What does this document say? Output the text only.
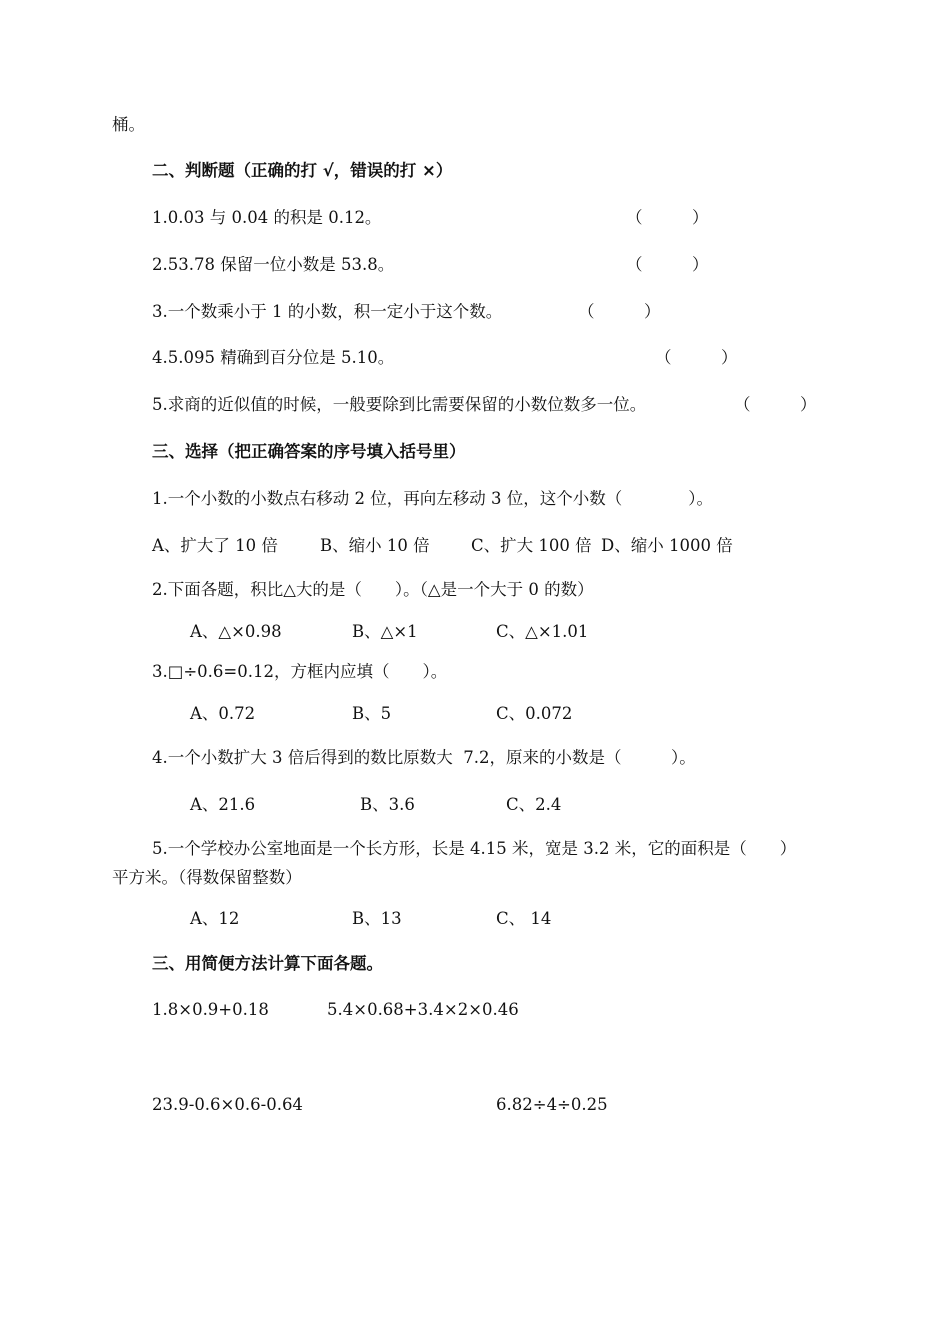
桶。
二、判断题（正确的打 √，错误的打 ×）
1.0.03 与 0.04 的积是 0.12。	（　　　）
2.53.78 保留一位小数是 53.8。	（　　　）
3.一个数乘小于 1 的小数，积一定小于这个数。	（　　　）
4.5.095 精确到百分位是 5.10。	（　　　）
5.求商的近似值的时候，一般要除到比需要保留的小数位数多一位。	（　　　）
三、选择（把正确答案的序号填入括号里）
1.一个小数的小数点右移动 2 位，再向左移动 3 位，这个小数（　　　　）。
A、扩大了 10 倍	B、缩小 10 倍	C、扩大 100 倍 D、缩小 1000 倍
2.下面各题，积比△大的是（　　）。（△是一个大于 0 的数）
A、△×0.98	B、△×1	C、△×1.01
3.□÷0.6=0.12，方框内应填（　　）。
A、0.72	B、5	C、0.072
4.一个小数扩大 3 倍后得到的数比原数大  7.2，原来的小数是（　　　）。
A、21.6	B、3.6	C、2.4
5.一个学校办公室地面是一个长方形，长是 4.15 米，宽是 3.2 米，它的面积是（　　）
平方米。（得数保留整数）
A、12	B、13	C、 14
三、用简便方法计算下面各题。
1.8×0.9+0.18	5.4×0.68+3.4×2×0.46
23.9-0.6×0.6-0.64	6.82÷4÷0.25
